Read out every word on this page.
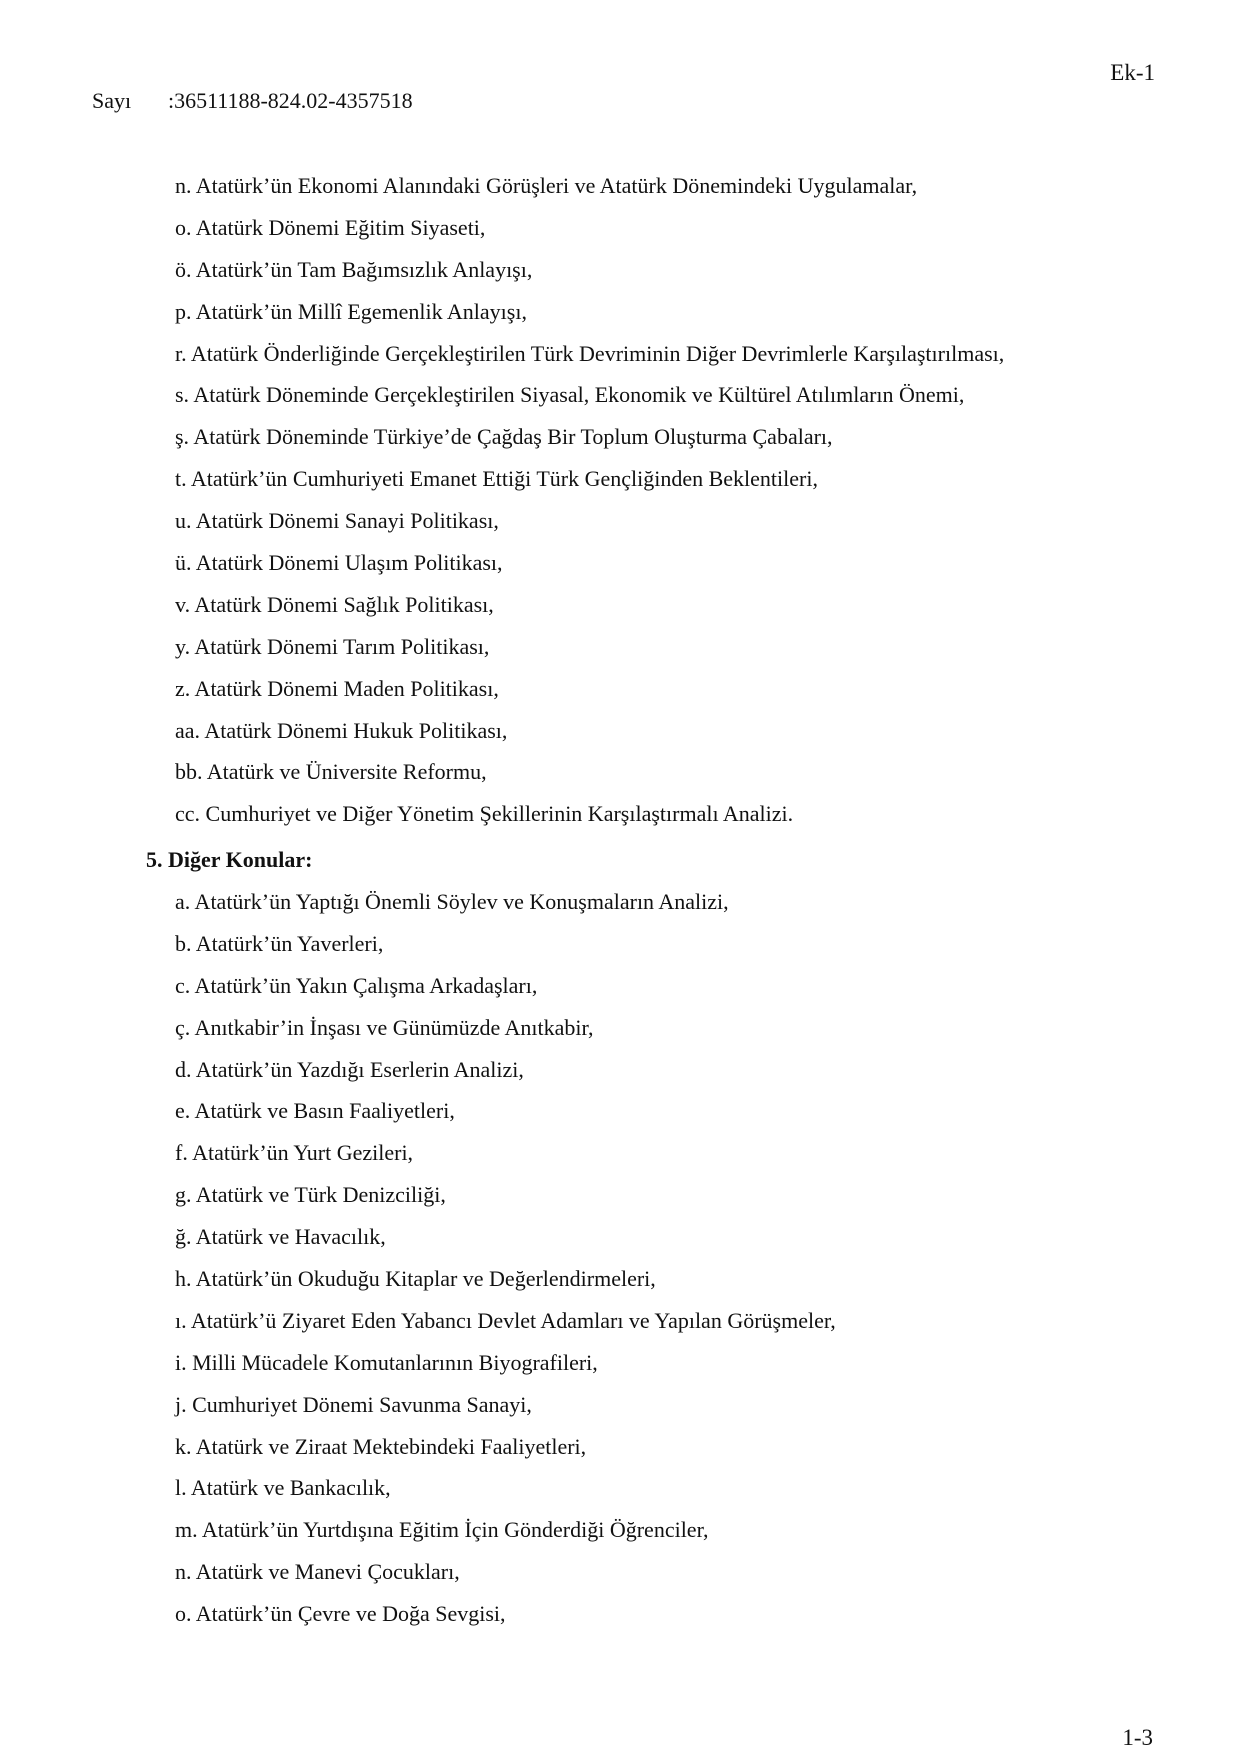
Ek-1
Sayı :36511188-824.02-4357518
n. Atatürk’ün Ekonomi Alanındaki Görüşleri ve Atatürk Dönemindeki Uygulamalar,
o. Atatürk Dönemi Eğitim Siyaseti,
ö. Atatürk’ün Tam Bağımsızlık Anlayışı,
p. Atatürk’ün Millî Egemenlik Anlayışı,
r. Atatürk Önderliğinde Gerçekleştirilen Türk Devriminin Diğer Devrimlerle Karşılaştırılması,
s. Atatürk Döneminde Gerçekleştirilen Siyasal, Ekonomik ve Kültürel Atılımların Önemi,
ş. Atatürk Döneminde Türkiye’de Çağdaş Bir Toplum Oluşturma Çabaları,
t. Atatürk’ün Cumhuriyeti Emanet Ettiği Türk Gençliğinden Beklentileri,
u. Atatürk Dönemi Sanayi Politikası,
ü. Atatürk Dönemi Ulaşım Politikası,
v. Atatürk Dönemi Sağlık Politikası,
y. Atatürk Dönemi Tarım Politikası,
z. Atatürk Dönemi Maden Politikası,
aa. Atatürk Dönemi Hukuk Politikası,
bb. Atatürk ve Üniversite Reformu,
cc. Cumhuriyet ve Diğer Yönetim Şekillerinin Karşılaştırmalı Analizi.
5. Diğer Konular:
a. Atatürk’ün Yaptığı Önemli Söylev ve Konuşmaların Analizi,
b. Atatürk’ün Yaverleri,
c. Atatürk’ün Yakın Çalışma Arkadaşları,
ç. Anıtkabir’in İnşası ve Günümüzde Anıtkabir,
d. Atatürk’ün Yazdığı Eserlerin Analizi,
e. Atatürk ve Basın Faaliyetleri,
f. Atatürk’ün Yurt Gezileri,
g. Atatürk ve Türk Denizciliği,
ğ. Atatürk ve Havacılık,
h. Atatürk’ün Okuduğu Kitaplar ve Değerlendirmeleri,
ı. Atatürk’ü Ziyaret Eden Yabancı Devlet Adamları ve Yapılan Görüşmeler,
i. Milli Mücadele Komutanlarının Biyografileri,
j. Cumhuriyet Dönemi Savunma Sanayi,
k. Atatürk ve Ziraat Mektebindeki Faaliyetleri,
l. Atatürk ve Bankacılık,
m. Atatürk’ün Yurtdışına Eğitim İçin Gönderdiği Öğrenciler,
n. Atatürk ve Manevi Çocukları,
o. Atatürk’ün Çevre ve Doğa Sevgisi,
1-3
